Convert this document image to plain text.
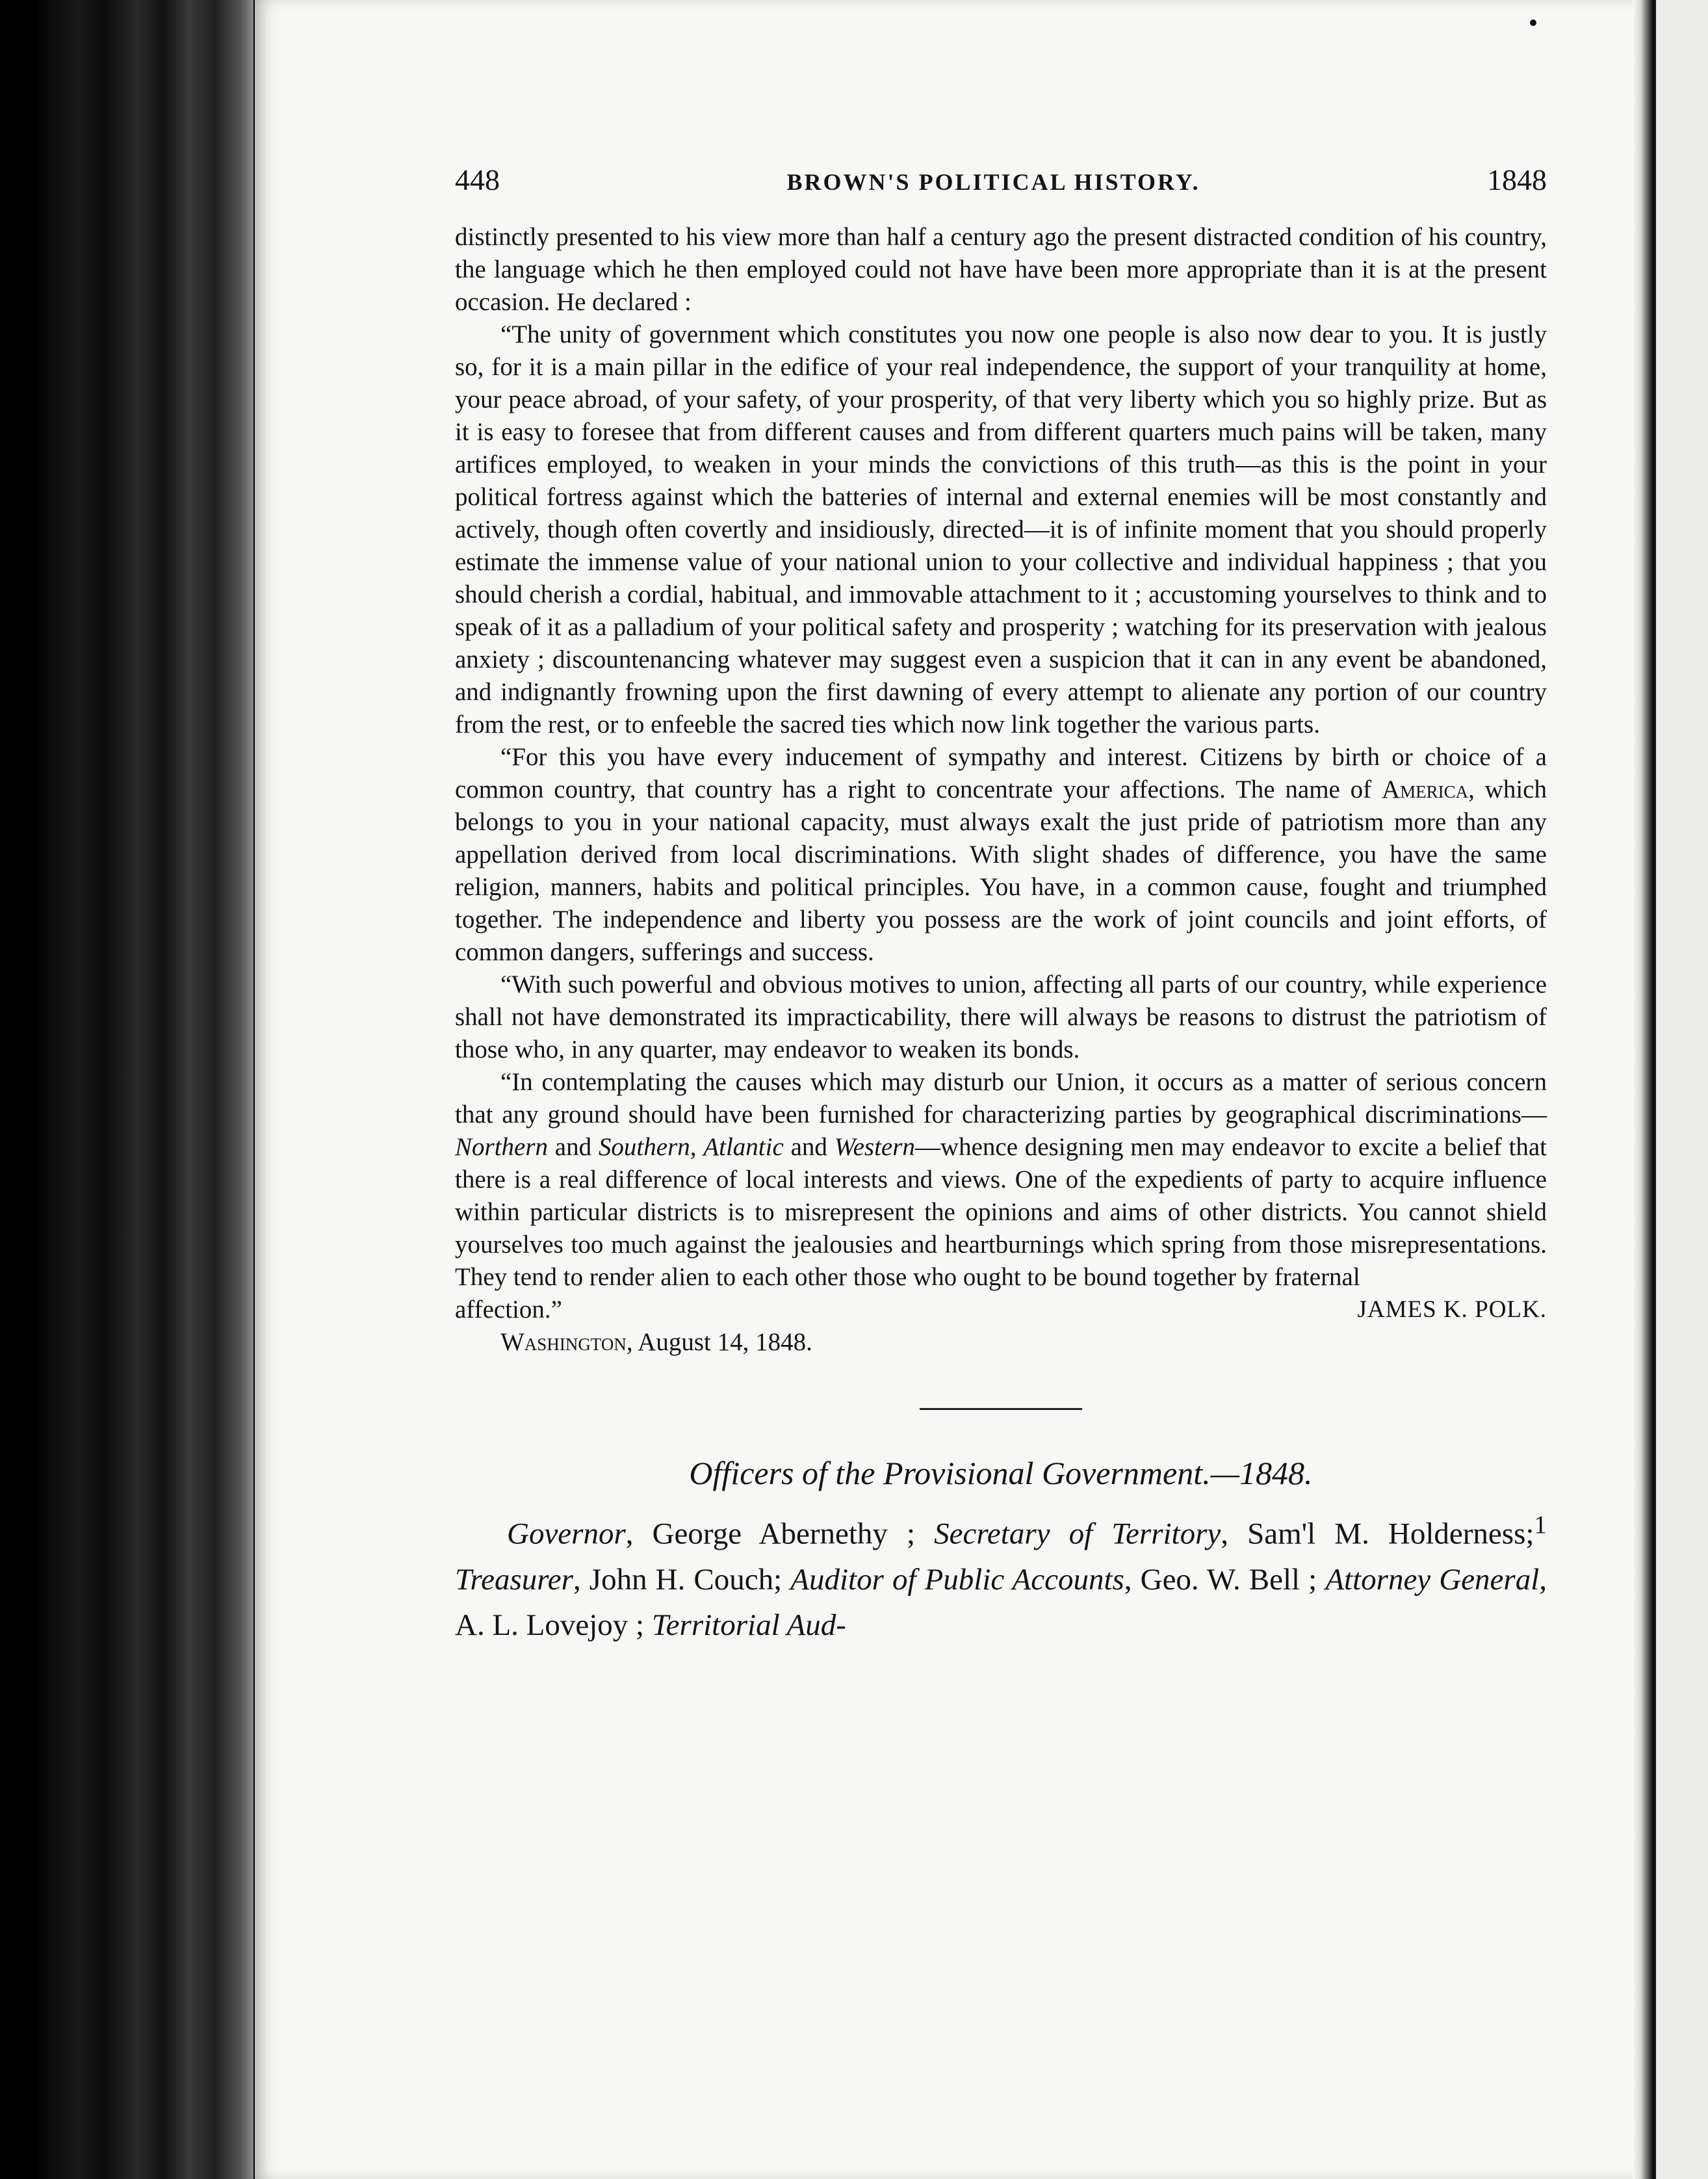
448	BROWN'S POLITICAL HISTORY.	1848

distinctly presented to his view more than half a century ago the present distracted condition of his country, the language which he then employed could not have have been more appropriate than it is at the present occasion. He declared :

“The unity of government which constitutes you now one people is also now dear to you. It is justly so, for it is a main pillar in the edifice of your real independence, the support of your tranquility at home, your peace abroad, of your safety, of your prosperity, of that very liberty which you so highly prize. But as it is easy to foresee that from different causes and from different quarters much pains will be taken, many artifices employed, to weaken in your minds the convictions of this truth—as this is the point in your political fortress against which the batteries of internal and external enemies will be most constantly and actively, though often covertly and insidiously, directed—it is of infinite moment that you should properly estimate the immense value of your national union to your collective and individual happiness ; that you should cherish a cordial, habitual, and immovable attachment to it ; accustoming yourselves to think and to speak of it as a palladium of your political safety and prosperity ; watching for its preservation with jealous anxiety ; discountenancing whatever may suggest even a suspicion that it can in any event be abandoned, and indignantly frowning upon the first dawning of every attempt to alienate any portion of our country from the rest, or to enfeeble the sacred ties which now link together the various parts.

“For this you have every inducement of sympathy and interest. Citizens by birth or choice of a common country, that country has a right to concentrate your affections. The name of America, which belongs to you in your national capacity, must always exalt the just pride of patriotism more than any appellation derived from local discriminations. With slight shades of difference, you have the same religion, manners, habits and political principles. You have, in a common cause, fought and triumphed together. The independence and liberty you possess are the work of joint councils and joint efforts, of common dangers, sufferings and success.

“With such powerful and obvious motives to union, affecting all parts of our country, while experience shall not have demonstrated its impracticability, there will always be reasons to distrust the patriotism of those who, in any quarter, may endeavor to weaken its bonds.

“In contemplating the causes which may disturb our Union, it occurs as a matter of serious concern that any ground should have been furnished for characterizing parties by geographical discriminations—Northern and Southern, Atlantic and Western—whence designing men may endeavor to excite a belief that there is a real difference of local interests and views. One of the expedients of party to acquire influence within particular districts is to misrepresent the opinions and aims of other districts. You cannot shield yourselves too much against the jealousies and heartburnings which spring from those misrepresentations. They tend to render alien to each other those who ought to be bound together by fraternal

affection.”	JAMES K. POLK.
Washington, August 14, 1848.
Officers of the Provisional Government.—1848.

Governor, George Abernethy ; Secretary of Territory, Sam'l M. Holderness;$^1$ Treasurer, John H. Couch; Auditor of Public Accounts, Geo. W. Bell ; Attorney General, A. L. Lovejoy ; Territorial Aud-
